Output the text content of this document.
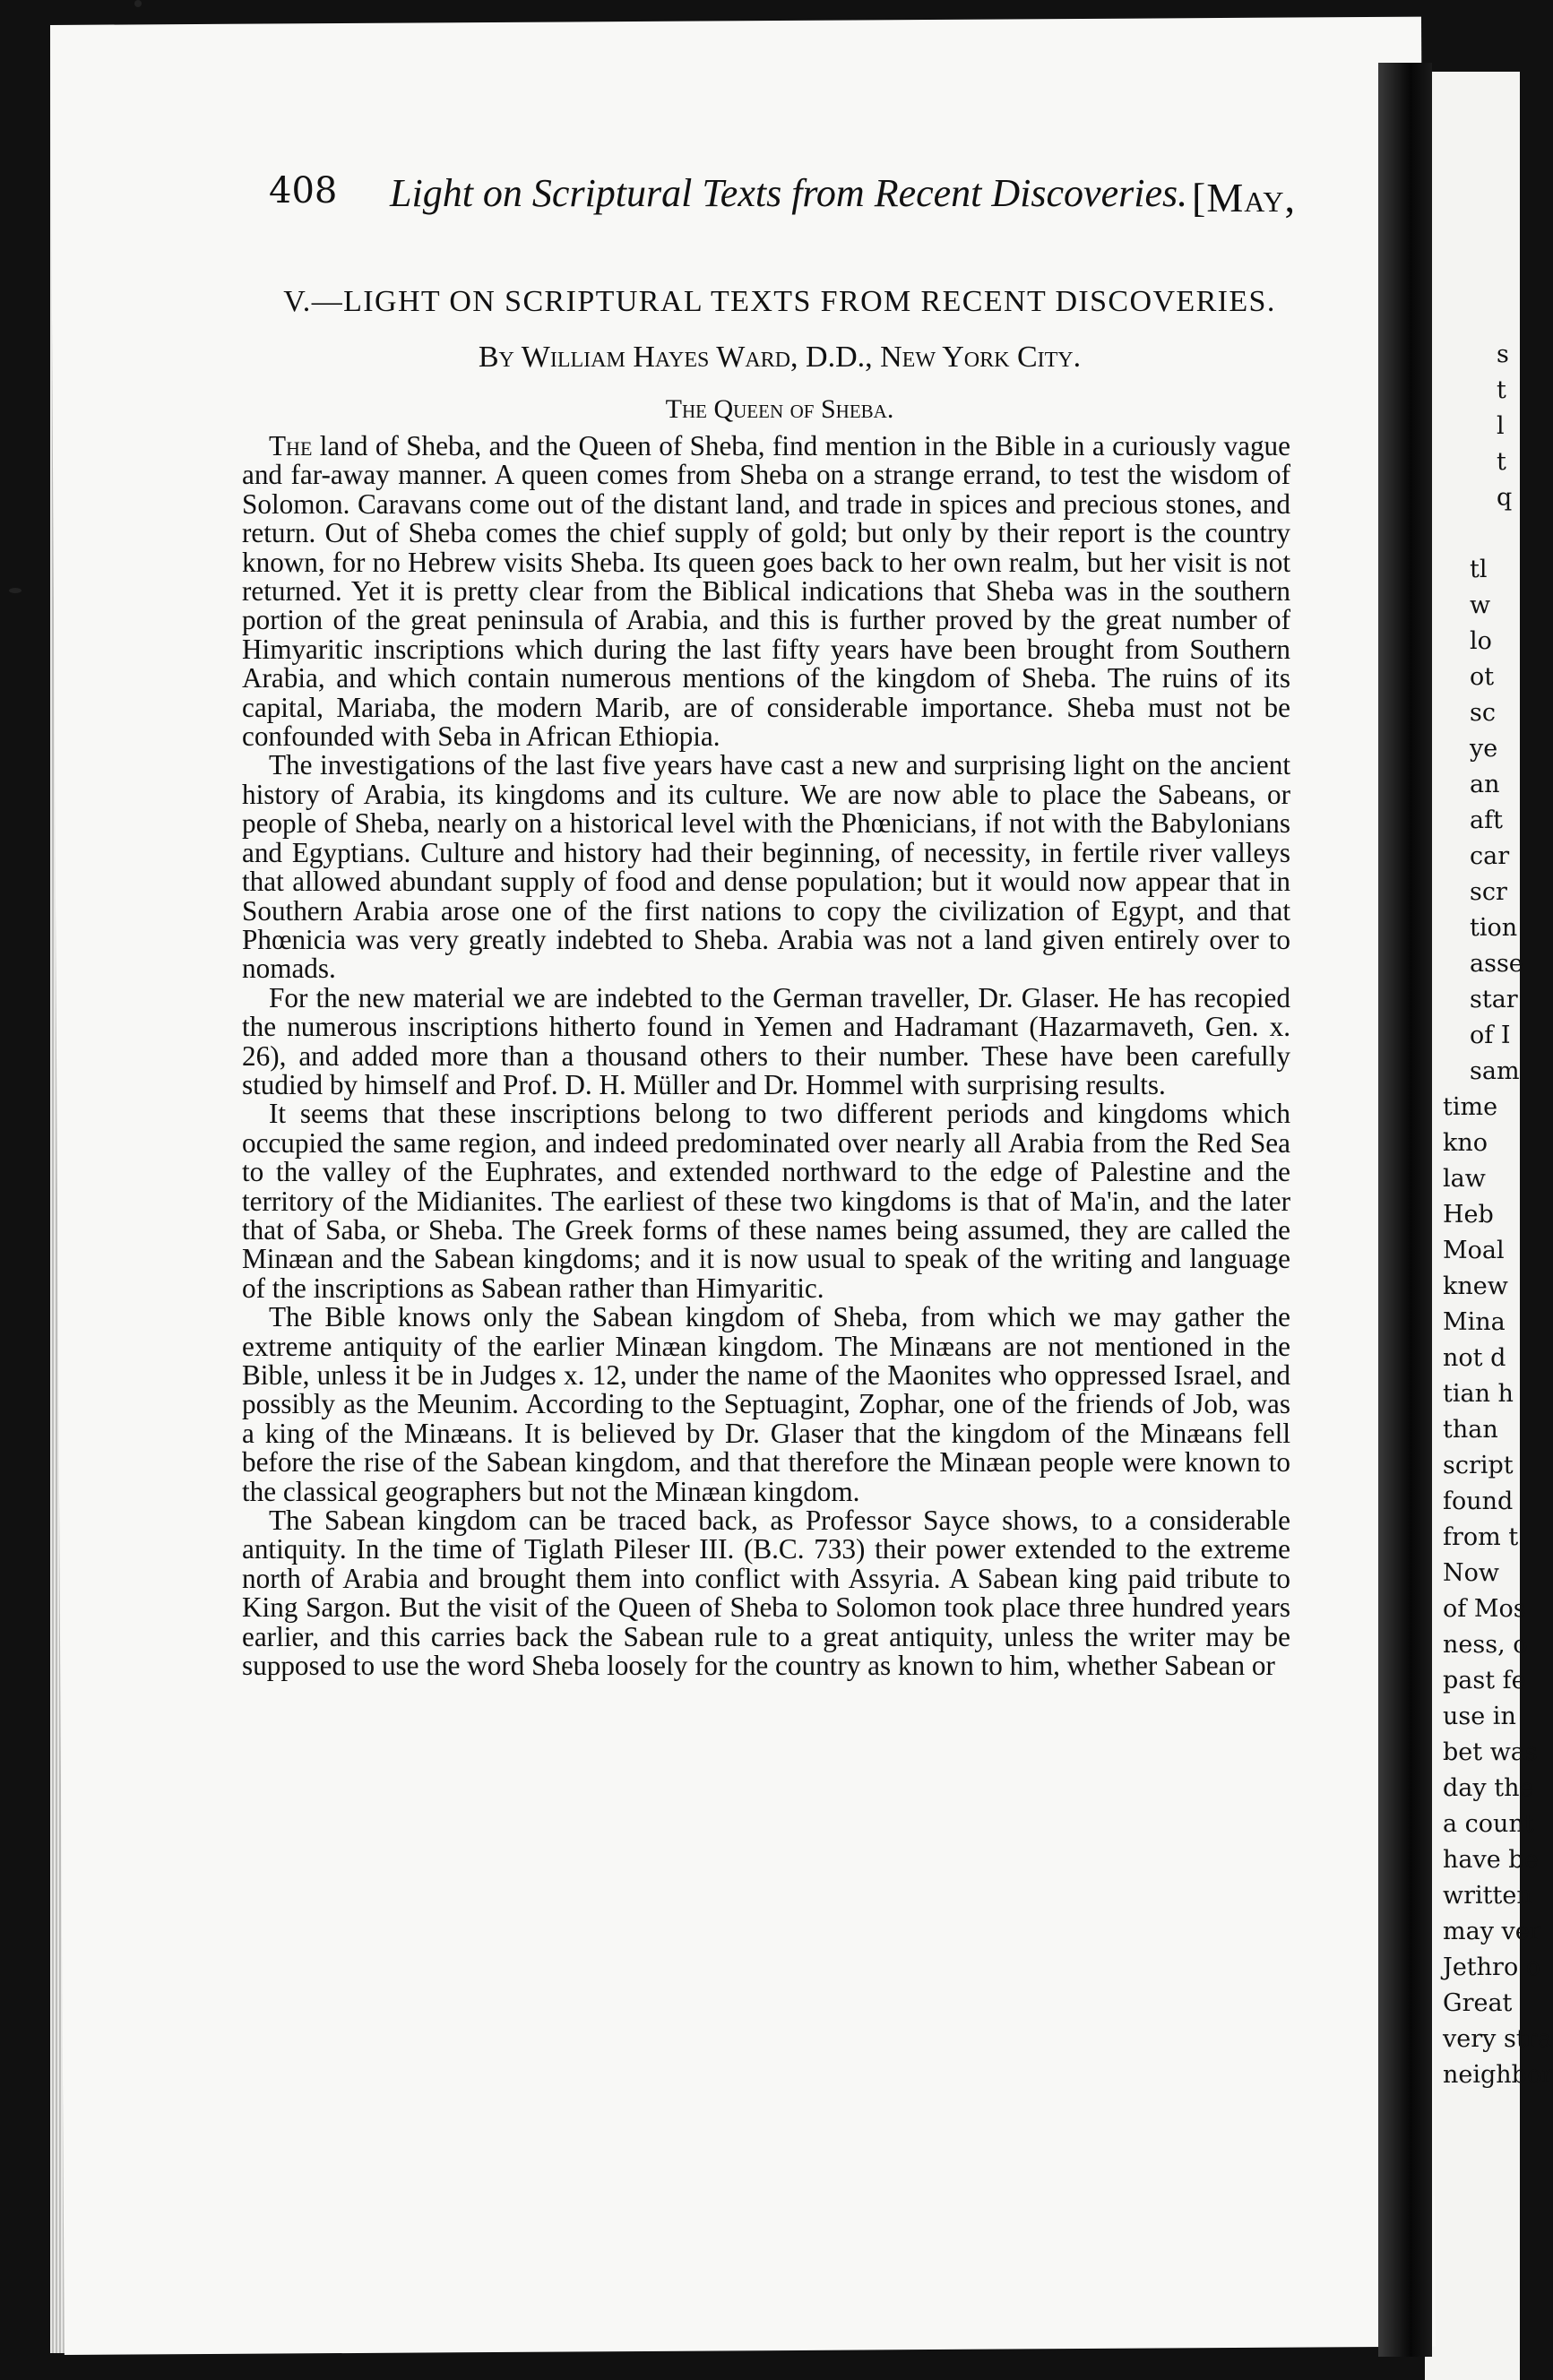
s
t
l
t
q
tl
w
lo
ot
sc
ye
an
aft
car
scr
tion
asse
star
of I
sam
time
kno
law
Heb
Moal
knew
Mina
not d
tian h
than
script
found
from t
Now
of Mos
ness, o
past fe
use in
bet was
day the
a count
have be
written
may ver
Jethro o
Great
very stra
neighbor
408 Light on Scriptural Texts from Recent Discoveries. [May,
V.—LIGHT ON SCRIPTURAL TEXTS FROM RECENT DISCOVERIES.
By William Hayes Ward, D.D., New York City.
The Queen of Sheba.

The land of Sheba, and the Queen of Sheba, find mention in the Bible in a curiously vague and far-away manner. A queen comes from Sheba on a strange errand, to test the wisdom of Solomon. Caravans come out of the distant land, and trade in spices and precious stones, and return. Out of Sheba comes the chief supply of gold; but only by their report is the country known, for no Hebrew visits Sheba. Its queen goes back to her own realm, but her visit is not returned. Yet it is pretty clear from the Biblical indications that Sheba was in the southern portion of the great peninsula of Arabia, and this is further proved by the great number of Himyaritic inscriptions which during the last fifty years have been brought from Southern Arabia, and which contain numerous mentions of the kingdom of Sheba. The ruins of its capital, Mariaba, the modern Marib, are of considerable importance. Sheba must not be confounded with Seba in African Ethiopia.

The investigations of the last five years have cast a new and surprising light on the ancient history of Arabia, its kingdoms and its culture. We are now able to place the Sabeans, or people of Sheba, nearly on a historical level with the Phœnicians, if not with the Babylonians and Egyptians. Culture and history had their beginning, of necessity, in fertile river valleys that allowed abundant supply of food and dense population; but it would now appear that in Southern Arabia arose one of the first nations to copy the civilization of Egypt, and that Phœnicia was very greatly indebted to Sheba. Arabia was not a land given entirely over to nomads.

For the new material we are indebted to the German traveller, Dr. Glaser. He has recopied the numerous inscriptions hitherto found in Yemen and Hadramant (Hazarmaveth, Gen. x. 26), and added more than a thousand others to their number. These have been carefully studied by himself and Prof. D. H. Müller and Dr. Hommel with surprising results.

It seems that these inscriptions belong to two different periods and kingdoms which occupied the same region, and indeed predominated over nearly all Arabia from the Red Sea to the valley of the Euphrates, and extended northward to the edge of Palestine and the territory of the Midianites. The earliest of these two kingdoms is that of Ma'in, and the later that of Saba, or Sheba. The Greek forms of these names being assumed, they are called the Minæan and the Sabean kingdoms; and it is now usual to speak of the writing and language of the inscriptions as Sabean rather than Himyaritic.

The Bible knows only the Sabean kingdom of Sheba, from which we may gather the extreme antiquity of the earlier Minæan kingdom. The Minæans are not mentioned in the Bible, unless it be in Judges x. 12, under the name of the Maonites who oppressed Israel, and possibly as the Meunim. According to the Septuagint, Zophar, one of the friends of Job, was a king of the Minæans. It is believed by Dr. Glaser that the kingdom of the Minæans fell before the rise of the Sabean kingdom, and that therefore the Minæan people were known to the classical geographers but not the Minæan kingdom.

The Sabean kingdom can be traced back, as Professor Sayce shows, to a considerable antiquity. In the time of Tiglath Pileser III. (B.C. 733) their power extended to the extreme north of Arabia and brought them into conflict with Assyria. A Sabean king paid tribute to King Sargon. But the visit of the Queen of Sheba to Solomon took place three hundred years earlier, and this carries back the Sabean rule to a great antiquity, unless the writer may be supposed to use the word Sheba loosely for the country as known to him, whether Sabean or
